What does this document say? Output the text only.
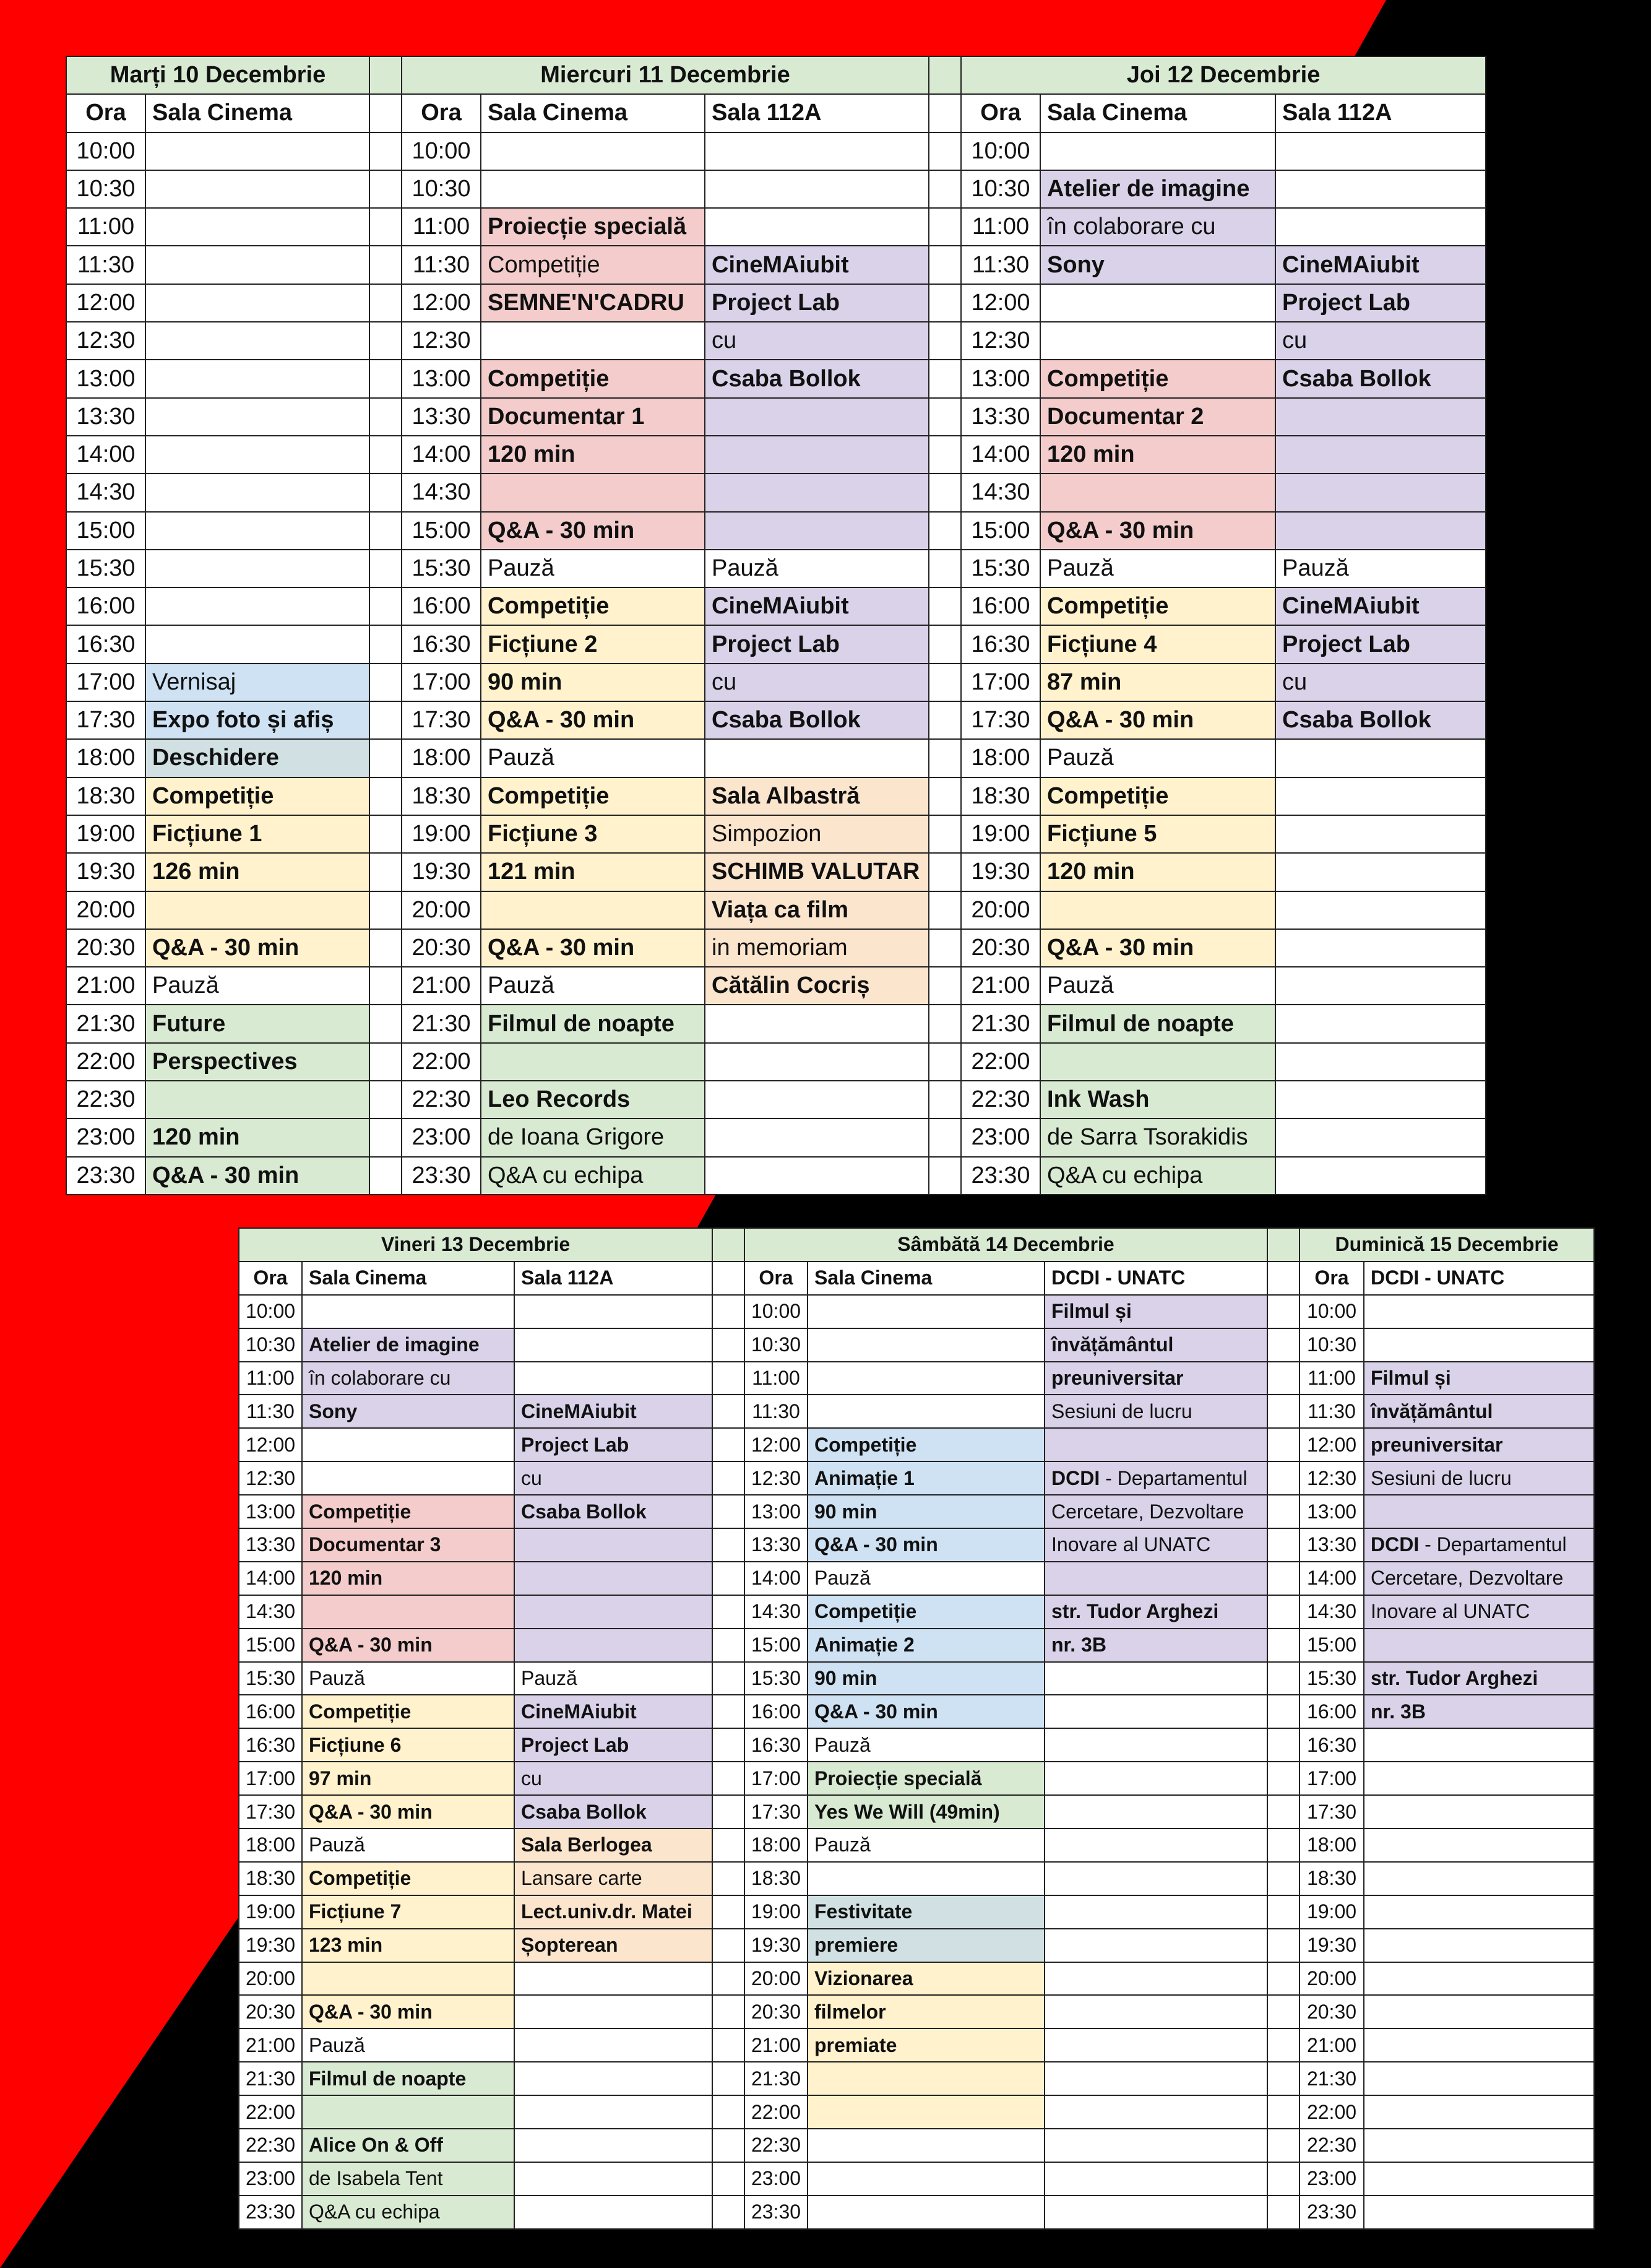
Marți 10 Decembrie			Miercuri 11 Decembrie				Joi 12 Decembrie		
Ora	Sala Cinema		Ora	Sala Cinema	Sala 112A		Ora	Sala Cinema	Sala 112A
10:00			10:00				10:00		
10:30			10:30				10:30	Atelier de imagine	
11:00			11:00	Proiecție specială			11:00	în colaborare cu	
11:30			11:30	Competiție	CineMAiubit		11:30	Sony	CineMAiubit
12:00			12:00	SEMNE'N'CADRU	Project Lab		12:00		Project Lab
12:30			12:30		cu		12:30		cu
13:00			13:00	Competiție	Csaba Bollok		13:00	Competiție	Csaba Bollok
13:30			13:30	Documentar 1			13:30	Documentar 2	
14:00			14:00	120 min			14:00	120 min	
14:30			14:30				14:30		
15:00			15:00	Q&A - 30 min			15:00	Q&A - 30 min	
15:30			15:30	Pauză	Pauză		15:30	Pauză	Pauză
16:00			16:00	Competiție	CineMAiubit		16:00	Competiție	CineMAiubit
16:30			16:30	Ficțiune 2	Project Lab		16:30	Ficțiune 4	Project Lab
17:00	Vernisaj		17:00	90 min	cu		17:00	87 min	cu
17:30	Expo foto și afiș		17:30	Q&A - 30 min	Csaba Bollok		17:30	Q&A - 30 min	Csaba Bollok
18:00	Deschidere		18:00	Pauză			18:00	Pauză	
18:30	Competiție		18:30	Competiție	Sala Albastră		18:30	Competiție	
19:00	Ficțiune 1		19:00	Ficțiune 3	Simpozion		19:00	Ficțiune 5	
19:30	126 min		19:30	121 min	SCHIMB VALUTAR		19:30	120 min	
20:00			20:00		Viața ca film		20:00		
20:30	Q&A - 30 min		20:30	Q&A - 30 min	in memoriam		20:30	Q&A - 30 min	
21:00	Pauză		21:00	Pauză	Cătălin Cocriș		21:00	Pauză	
21:30	Future		21:30	Filmul de noapte			21:30	Filmul de noapte	
22:00	Perspectives		22:00				22:00		
22:30			22:30	Leo Records			22:30	Ink Wash	
23:00	120 min		23:00	de Ioana Grigore			23:00	de Sarra Tsorakidis	
23:30	Q&A - 30 min		23:30	Q&A cu echipa			23:30	Q&A cu echipa	
Vineri 13 Decembrie				Sâmbătă 14 Decembrie				Duminică 15 Decembrie	
Ora	Sala Cinema	Sala 112A		Ora	Sala Cinema	DCDI - UNATC		Ora	DCDI - UNATC
10:00				10:00		Filmul și		10:00	
10:30	Atelier de imagine			10:30		învățământul		10:30	
11:00	în colaborare cu			11:00		preuniversitar		11:00	Filmul și
11:30	Sony	CineMAiubit		11:30		Sesiuni de lucru		11:30	învățământul
12:00		Project Lab		12:00	Competiție			12:00	preuniversitar
12:30		cu		12:30	Animație 1	DCDI - Departamentul		12:30	Sesiuni de lucru
13:00	Competiție	Csaba Bollok		13:00	90 min	Cercetare, Dezvoltare		13:00	
13:30	Documentar 3			13:30	Q&A - 30 min	Inovare al UNATC		13:30	DCDI - Departamentul
14:00	120 min			14:00	Pauză			14:00	Cercetare, Dezvoltare
14:30				14:30	Competiție	str. Tudor Arghezi		14:30	Inovare al UNATC
15:00	Q&A - 30 min			15:00	Animație 2	nr. 3B		15:00	
15:30	Pauză	Pauză		15:30	90 min			15:30	str. Tudor Arghezi
16:00	Competiție	CineMAiubit		16:00	Q&A - 30 min			16:00	nr. 3B
16:30	Ficțiune 6	Project Lab		16:30	Pauză			16:30	
17:00	97 min	cu		17:00	Proiecție specială			17:00	
17:30	Q&A - 30 min	Csaba Bollok		17:30	Yes We Will (49min)			17:30	
18:00	Pauză	Sala Berlogea		18:00	Pauză			18:00	
18:30	Competiție	Lansare carte		18:30				18:30	
19:00	Ficțiune 7	Lect.univ.dr. Matei		19:00	Festivitate			19:00	
19:30	123 min	Șopterean		19:30	premiere			19:30	
20:00				20:00	Vizionarea			20:00	
20:30	Q&A - 30 min			20:30	filmelor			20:30	
21:00	Pauză			21:00	premiate			21:00	
21:30	Filmul de noapte			21:30				21:30	
22:00				22:00				22:00	
22:30	Alice On & Off			22:30				22:30	
23:00	de Isabela Tent			23:00				23:00	
23:30	Q&A cu echipa			23:30				23:30	
